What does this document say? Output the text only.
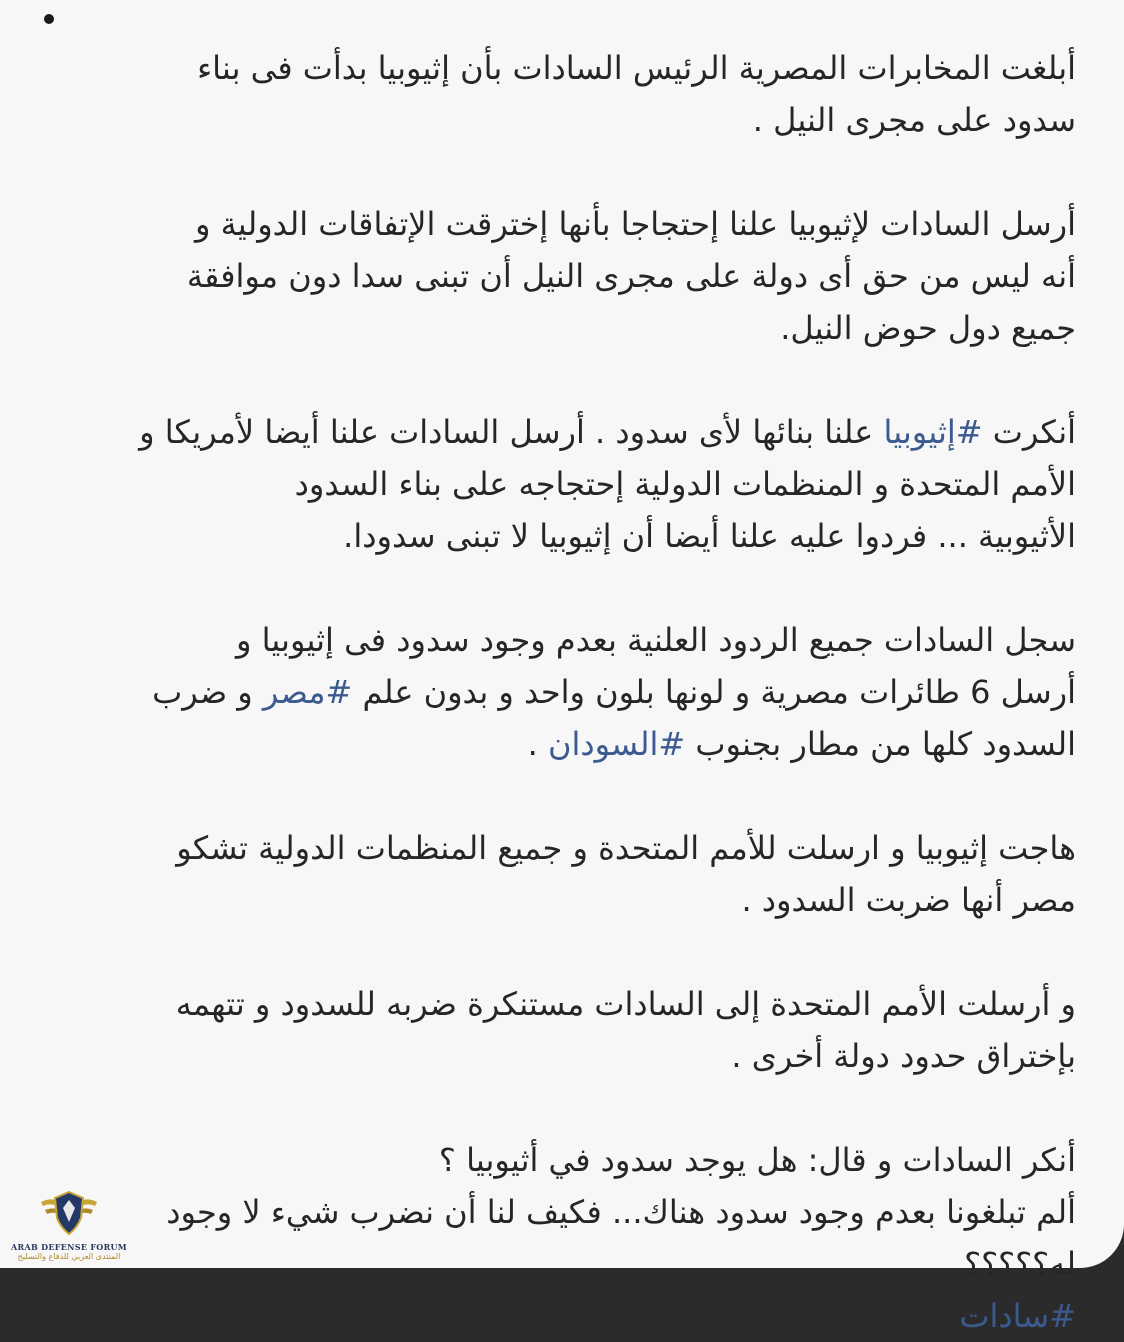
أبلغت المخابرات المصرية الرئيس السادات بأن إثيوبيا بدأت فى بناء
سدود على مجرى النيل .

أرسل السادات لإثيوبيا علنا إحتجاجا بأنها إخترقت الإتفاقات الدولية و
أنه ليس من حق أى دولة على مجرى النيل أن تبنى سدا دون موافقة
جميع دول حوض النيل.

أنكرت #إثيوبيا علنا بنائها لأى سدود . أرسل السادات علنا أيضا لأمريكا و
الأمم المتحدة و المنظمات الدولية إحتجاجه على بناء السدود
الأثيوبية ... فردوا عليه علنا أيضا أن إثيوبيا لا تبنى سدودا.

سجل السادات جميع الردود العلنية بعدم وجود سدود فى إثيوبيا و
أرسل 6 طائرات مصرية و لونها بلون واحد و بدون علم #مصر و ضرب
السدود كلها من مطار بجنوب #السودان .

هاجت إثيوبيا و ارسلت للأمم المتحدة و جميع المنظمات الدولية تشكو
مصر أنها ضربت السدود .

و أرسلت الأمم المتحدة إلى السادات مستنكرة ضربه للسدود و تتهمه
بإختراق حدود دولة أخرى .

أنكر السادات و قال: هل يوجد سدود في أثيوبيا ؟
ألم تبلغونا بعدم وجود سدود هناك... فكيف لنا أن نضرب شيء لا وجود
له؟؟؟؟؟
#سادات

ARAB DEFENSE FORUM
المنتدى العربي للدفاع والتسليح
